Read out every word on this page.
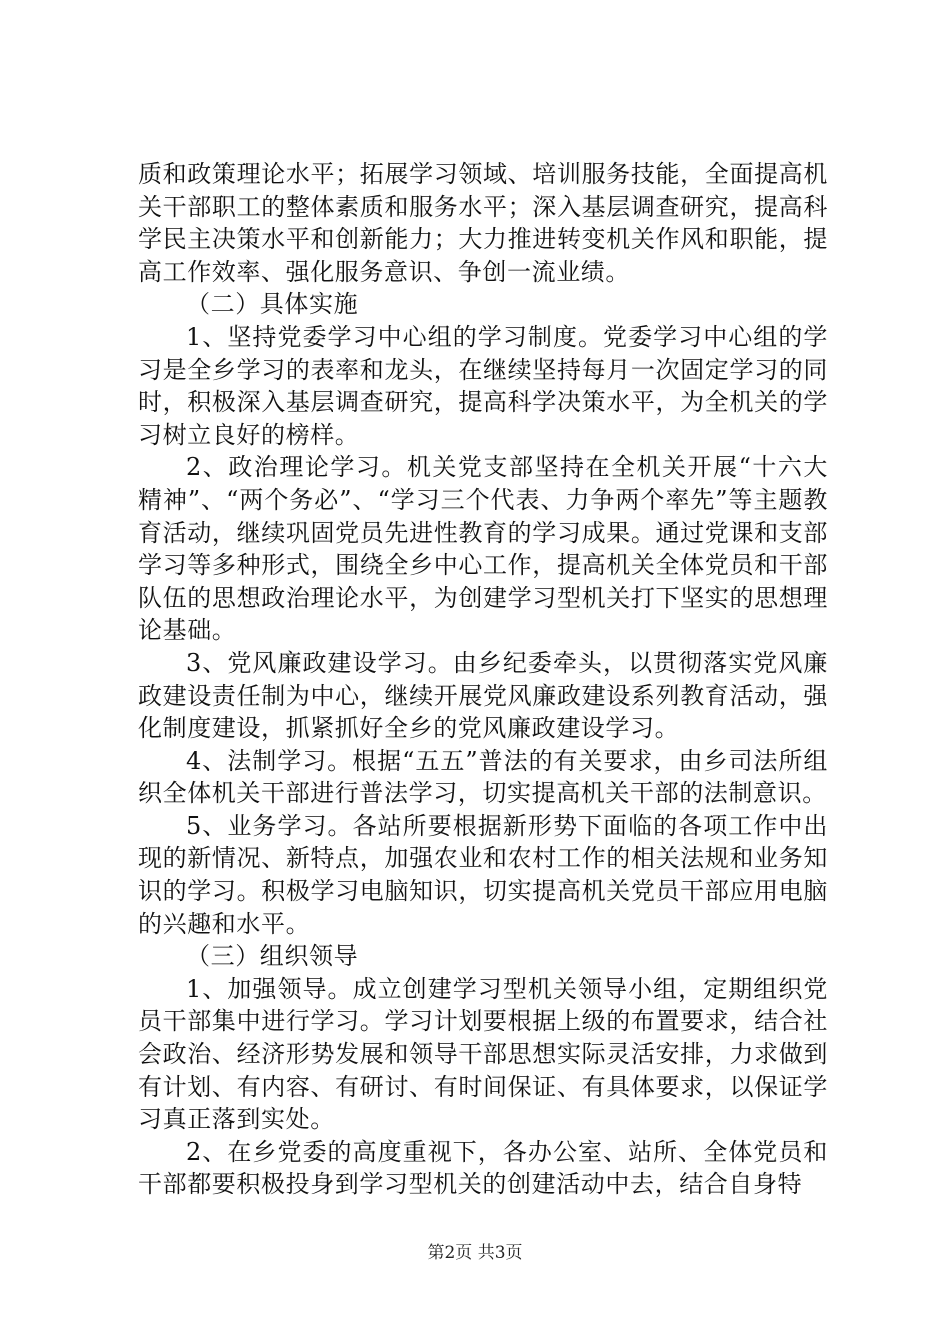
质和政策理论水平；拓展学习领域、培训服务技能，全面提高机关干部职工的整体素质和服务水平；深入基层调查研究，提高科学民主决策水平和创新能力；大力推进转变机关作风和职能，提高工作效率、强化服务意识、争创一流业绩。

（二）具体实施

1、坚持党委学习中心组的学习制度。党委学习中心组的学习是全乡学习的表率和龙头，在继续坚持每月一次固定学习的同时，积极深入基层调查研究，提高科学决策水平，为全机关的学习树立良好的榜样。

2、政治理论学习。机关党支部坚持在全机关开展“十六大精神”、“两个务必”、“学习三个代表、力争两个率先”等主题教育活动，继续巩固党员先进性教育的学习成果。通过党课和支部学习等多种形式，围绕全乡中心工作，提高机关全体党员和干部队伍的思想政治理论水平，为创建学习型机关打下坚实的思想理论基础。

3、党风廉政建设学习。由乡纪委牵头，以贯彻落实党风廉政建设责任制为中心，继续开展党风廉政建设系列教育活动，强化制度建设，抓紧抓好全乡的党风廉政建设学习。

4、法制学习。根据“五五”普法的有关要求，由乡司法所组织全体机关干部进行普法学习，切实提高机关干部的法制意识。

5、业务学习。各站所要根据新形势下面临的各项工作中出现的新情况、新特点，加强农业和农村工作的相关法规和业务知识的学习。积极学习电脑知识，切实提高机关党员干部应用电脑的兴趣和水平。

（三）组织领导

1、加强领导。成立创建学习型机关领导小组，定期组织党员干部集中进行学习。学习计划要根据上级的布置要求，结合社会政治、经济形势发展和领导干部思想实际灵活安排，力求做到有计划、有内容、有研讨、有时间保证、有具体要求，以保证学习真正落到实处。

2、在乡党委的高度重视下，各办公室、站所、全体党员和干部都要积极投身到学习型机关的创建活动中去，结合自身特

第2页 共3页
